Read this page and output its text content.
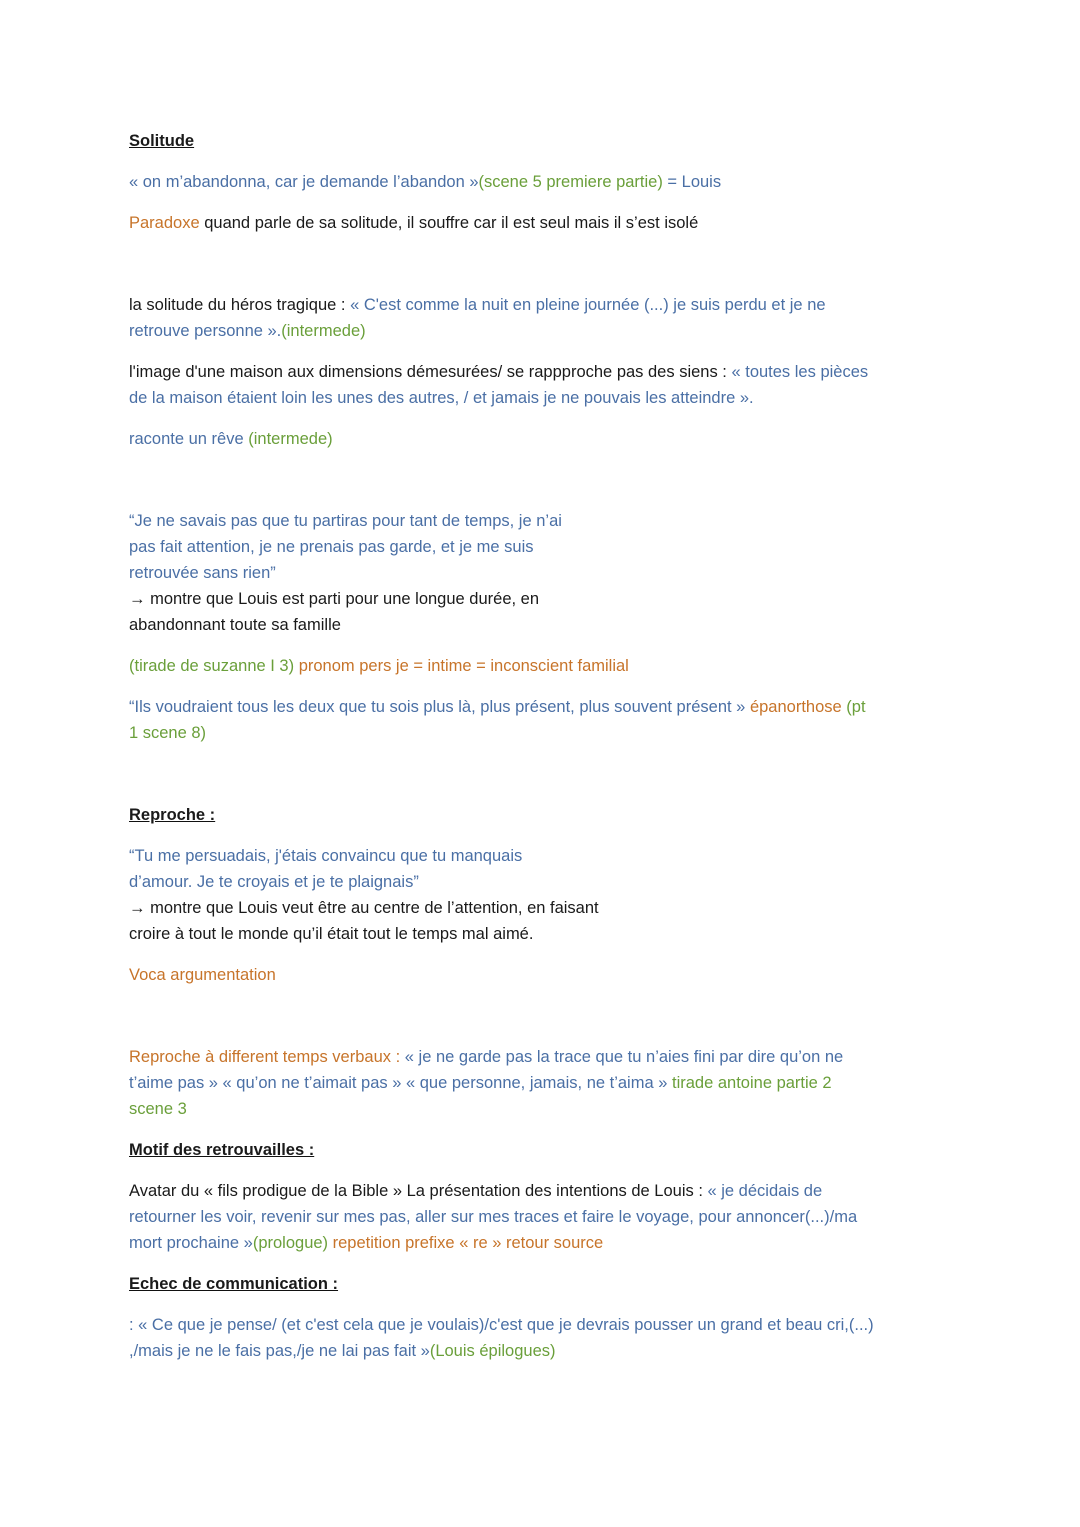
Solitude
« on m’abandonna, car je demande l’abandon »(scene 5 premiere partie) = Louis
Paradoxe quand parle de sa solitude, il souffre car il est seul mais il s’est isolé
la solitude du héros tragique : « C'est comme la nuit en pleine journée (...) je suis perdu et je ne
retrouve personne ».(intermede)
l'image d'une maison aux dimensions démesurées/ se rappproche pas des siens : « toutes les pièces
de la maison étaient loin les unes des autres, / et jamais je ne pouvais les atteindre ».
raconte un rêve (intermede)
“Je ne savais pas que tu partiras pour tant de temps, je n’ai
pas fait attention, je ne prenais pas garde, et je me suis
retrouvée sans rien”
→ montre que Louis est parti pour une longue durée, en
abandonnant toute sa famille
(tirade de suzanne I 3) pronom pers je = intime = inconscient familial
“Ils voudraient tous les deux que tu sois plus là, plus présent, plus souvent présent » épanorthose (pt
1 scene 8)
Reproche :
“Tu me persuadais, j'étais convaincu que tu manquais
d’amour. Je te croyais et je te plaignais”
→ montre que Louis veut être au centre de l’attention, en faisant
croire à tout le monde qu’il était tout le temps mal aimé.
Voca argumentation
Reproche à different temps verbaux : « je ne garde pas la trace que tu n’aies fini par dire qu’on ne
t’aime pas » « qu’on ne t’aimait pas » « que personne, jamais, ne t’aima » tirade antoine partie 2
scene 3
Motif des retrouvailles :
Avatar du « fils prodigue de la Bible » La présentation des intentions de Louis : « je décidais de
retourner les voir, revenir sur mes pas, aller sur mes traces et faire le voyage, pour annoncer(...)/ma
mort prochaine »(prologue) repetition prefixe « re » retour source
Echec de communication :
: « Ce que je pense/ (et c'est cela que je voulais)/c'est que je devrais pousser un grand et beau cri,(...)
,/mais je ne le fais pas,/je ne lai pas fait »(Louis épilogues)
